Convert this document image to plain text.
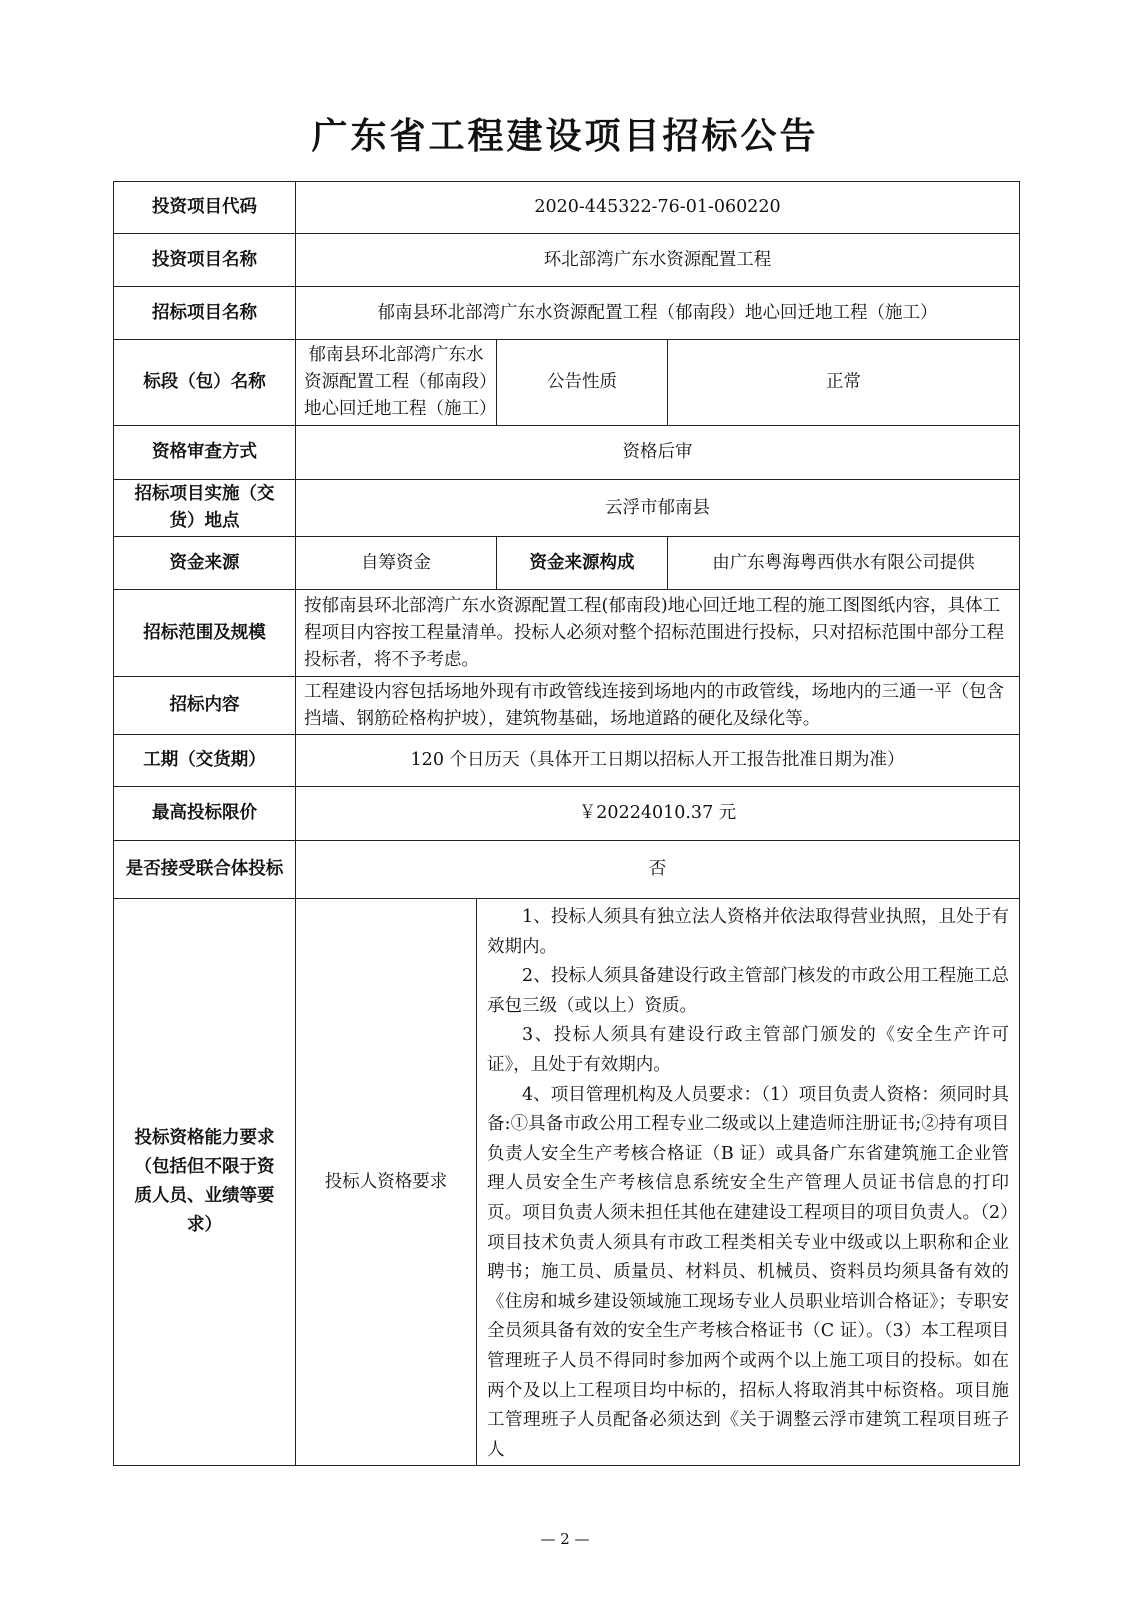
广东省工程建设项目招标公告
投资项目代码	2020-445322-76-01-060220			
投资项目名称	环北部湾广东水资源配置工程			
招标项目名称	郁南县环北部湾广东水资源配置工程（郁南段）地心回迁地工程（施工）			
标段（包）名称	郁南县环北部湾广东水资源配置工程（郁南段）地心回迁地工程（施工）		公告性质	正常
资格审查方式	资格后审			
招标项目实施（交货）地点	云浮市郁南县			
资金来源	自筹资金		资金来源构成	由广东粤海粤西供水有限公司提供
招标范围及规模	按郁南县环北部湾广东水资源配置工程(郁南段)地心回迁地工程的施工图图纸内容，具体工程项目内容按工程量清单。投标人必须对整个招标范围进行投标，只对招标范围中部分工程投标者，将不予考虑。			
招标内容	工程建设内容包括场地外现有市政管线连接到场地内的市政管线，场地内的三通一平（包含挡墙、钢筋砼格构护坡），建筑物基础，场地道路的硬化及绿化等。			
工期（交货期）	120 个日历天（具体开工日期以招标人开工报告批准日期为准）			
最高投标限价	￥20224010.37 元			
是否接受联合体投标	否			
投标资格能力要求（包括但不限于资质人员、业绩等要求）	投标人资格要求	1、投标人须具有独立法人资格并依法取得营业执照，且处于有效期内。

2、投标人须具备建设行政主管部门核发的市政公用工程施工总承包三级（或以上）资质。

3、投标人须具有建设行政主管部门颁发的《安全生产许可证》，且处于有效期内。

4、项目管理机构及人员要求：（1）项目负责人资格：须同时具备:①具备市政公用工程专业二级或以上建造师注册证书;②持有项目负责人安全生产考核合格证（B 证）或具备广东省建筑施工企业管理人员安全生产考核信息系统安全生产管理人员证书信息的打印页。项目负责人须未担任其他在建建设工程项目的项目负责人。（2）项目技术负责人须具有市政工程类相关专业中级或以上职称和企业聘书；施工员、质量员、材料员、机械员、资料员均须具备有效的《住房和城乡建设领域施工现场专业人员职业培训合格证》；专职安全员须具备有效的安全生产考核合格证书（C 证）。（3）本工程项目管理班子人员不得同时参加两个或两个以上施工项目的投标。如在两个及以上工程项目均中标的，招标人将取消其中标资格。项目施工管理班子人员配备必须达到《关于调整云浮市建筑工程项目班子人		

— 2 —
